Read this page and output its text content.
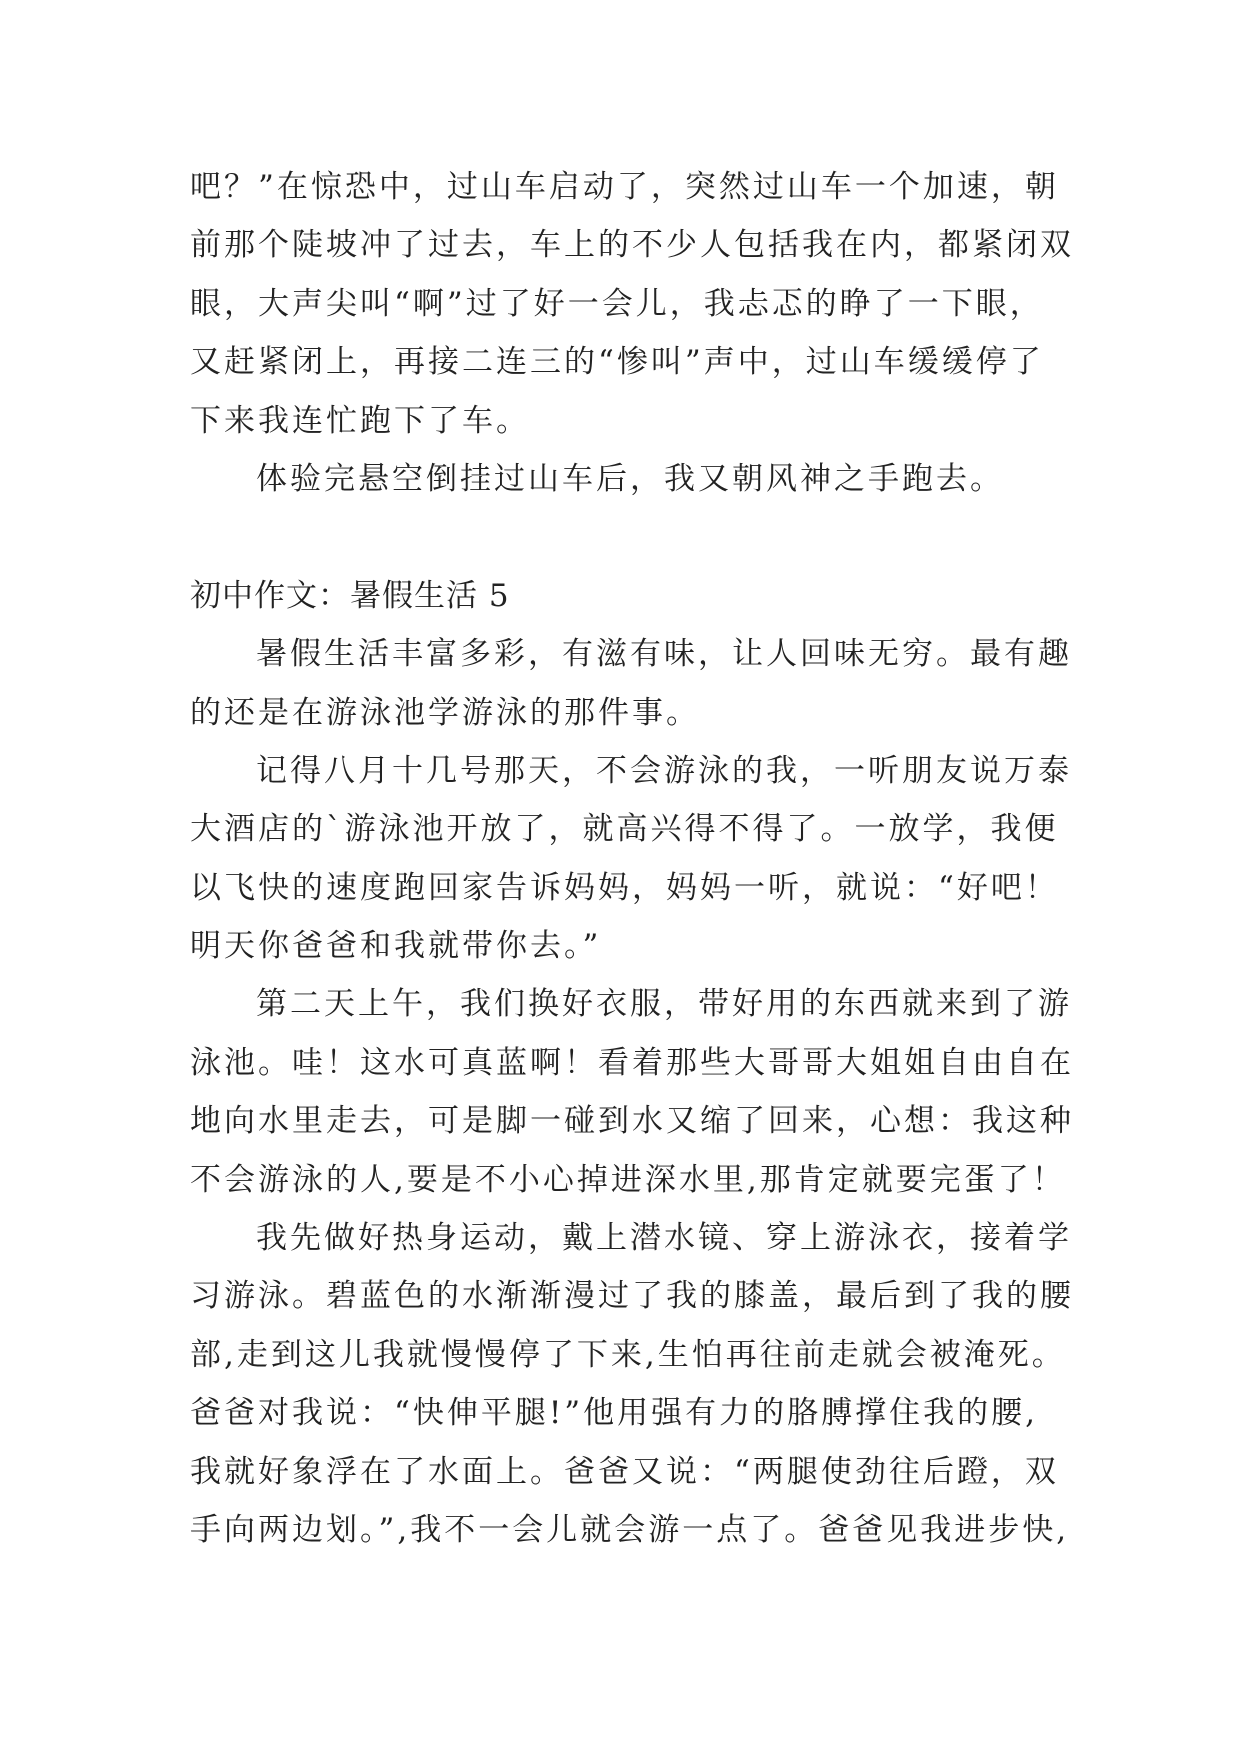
吧？”在惊恐中，过山车启动了，突然过山车一个加速，朝
前那个陡坡冲了过去，车上的不少人包括我在内，都紧闭双
眼，大声尖叫“啊”过了好一会儿，我忐忑的睁了一下眼，
又赶紧闭上，再接二连三的“惨叫”声中，过山车缓缓停了
下来我连忙跑下了车。
体验完悬空倒挂过山车后，我又朝风神之手跑去。
初中作文：暑假生活 5
暑假生活丰富多彩，有滋有味，让人回味无穷。最有趣
的还是在游泳池学游泳的那件事。
记得八月十几号那天，不会游泳的我，一听朋友说万泰
大酒店的`游泳池开放了，就高兴得不得了。一放学，我便
以飞快的速度跑回家告诉妈妈，妈妈一听，就说：“好吧！
明天你爸爸和我就带你去。”
第二天上午，我们换好衣服，带好用的东西就来到了游
泳池。哇！这水可真蓝啊！看着那些大哥哥大姐姐自由自在
地向水里走去，可是脚一碰到水又缩了回来，心想：我这种
不会游泳的人,要是不小心掉进深水里,那肯定就要完蛋了！
我先做好热身运动，戴上潜水镜、穿上游泳衣，接着学
习游泳。碧蓝色的水渐渐漫过了我的膝盖，最后到了我的腰
部,走到这儿我就慢慢停了下来,生怕再往前走就会被淹死。
爸爸对我说：“快伸平腿!”他用强有力的胳膊撑住我的腰,
我就好象浮在了水面上。爸爸又说：“两腿使劲往后蹬，双
手向两边划。”,我不一会儿就会游一点了。爸爸见我进步快,
